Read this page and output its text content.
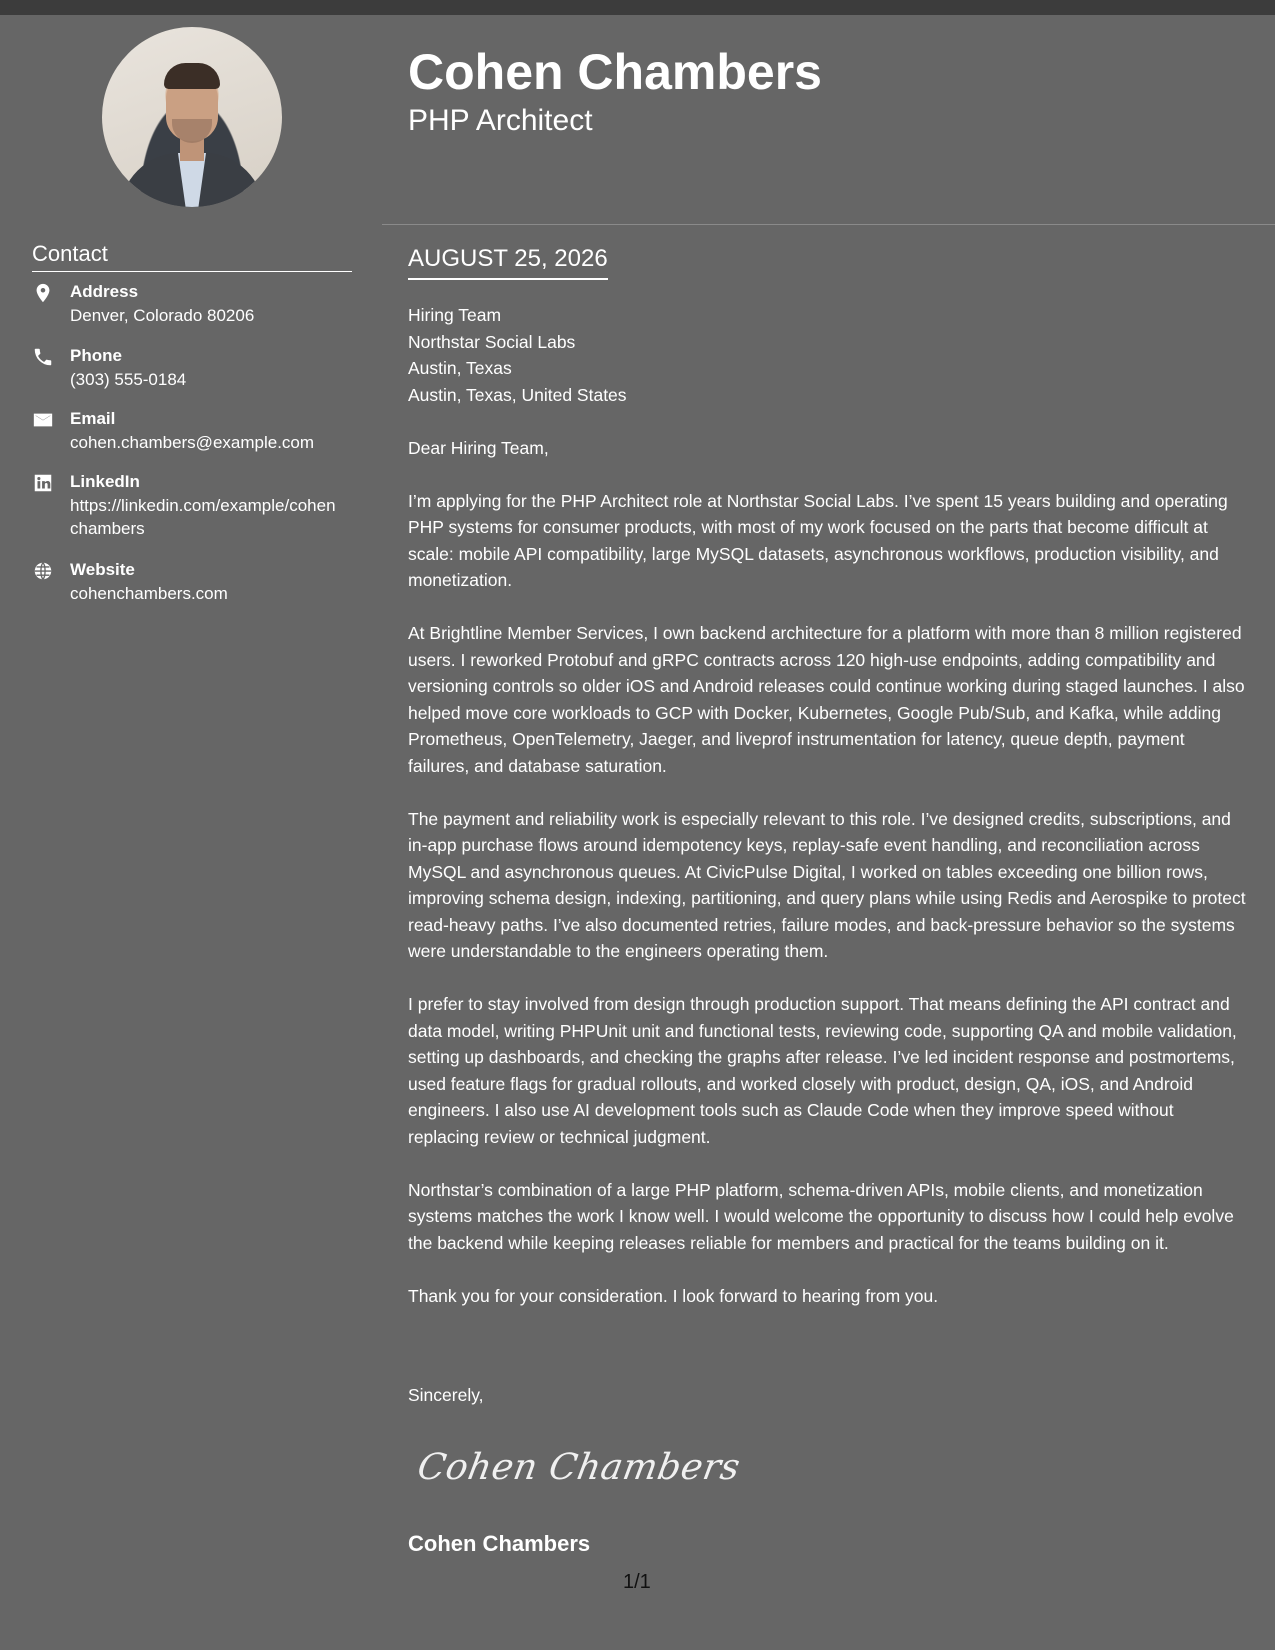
Contact
Address
Denver, Colorado 80206
Phone
(303) 555-0184
Email
cohen.chambers@example.com
LinkedIn
https://linkedin.com/example/cohenchambers
Website
cohenchambers.com
Cohen Chambers
PHP Architect
AUGUST 25, 2026

Hiring Team
Northstar Social Labs
Austin, Texas
Austin, Texas, United States

Dear Hiring Team,

I’m applying for the PHP Architect role at Northstar Social Labs. I’ve spent 15 years building and operating PHP systems for consumer products, with most of my work focused on the parts that become difficult at scale: mobile API compatibility, large MySQL datasets, asynchronous workflows, production visibility, and monetization.

At Brightline Member Services, I own backend architecture for a platform with more than 8 million registered users. I reworked Protobuf and gRPC contracts across 120 high-use endpoints, adding compatibility and versioning controls so older iOS and Android releases could continue working during staged launches. I also helped move core workloads to GCP with Docker, Kubernetes, Google Pub/Sub, and Kafka, while adding Prometheus, OpenTelemetry, Jaeger, and liveprof instrumentation for latency, queue depth, payment failures, and database saturation.

The payment and reliability work is especially relevant to this role. I’ve designed credits, subscriptions, and in-app purchase flows around idempotency keys, replay-safe event handling, and reconciliation across MySQL and asynchronous queues. At CivicPulse Digital, I worked on tables exceeding one billion rows, improving schema design, indexing, partitioning, and query plans while using Redis and Aerospike to protect read-heavy paths. I’ve also documented retries, failure modes, and back-pressure behavior so the systems were understandable to the engineers operating them.

I prefer to stay involved from design through production support. That means defining the API contract and data model, writing PHPUnit unit and functional tests, reviewing code, supporting QA and mobile validation, setting up dashboards, and checking the graphs after release. I’ve led incident response and postmortems, used feature flags for gradual rollouts, and worked closely with product, design, QA, iOS, and Android engineers. I also use AI development tools such as Claude Code when they improve speed without replacing review or technical judgment.

Northstar’s combination of a large PHP platform, schema-driven APIs, mobile clients, and monetization systems matches the work I know well. I would welcome the opportunity to discuss how I could help evolve the backend while keeping releases reliable for members and practical for the teams building on it.

Thank you for your consideration. I look forward to hearing from you.

Sincerely,
Cohen Chambers
Cohen Chambers
1/1
